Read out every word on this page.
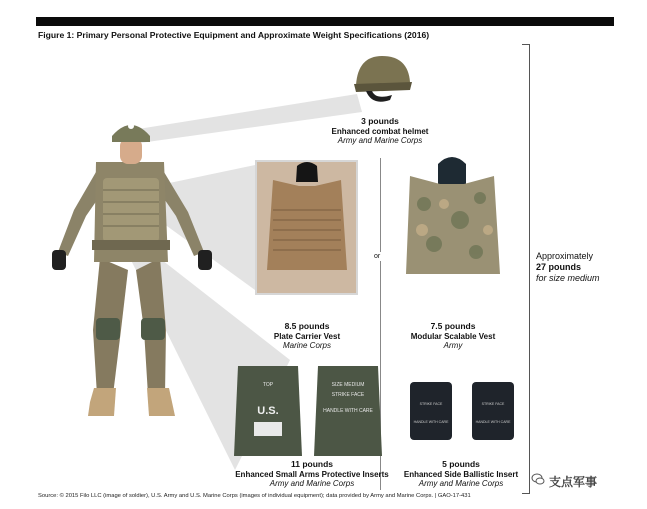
Figure 1: Primary Personal Protective Equipment and Approximate Weight Specifications (2016)
3 pounds
Enhanced combat helmet
Army and Marine Corps
8.5 pounds
Plate Carrier Vest
Marine Corps
or
7.5 pounds
Modular Scalable Vest
Army
TOP
U.S.
SIZE MEDIUM
STRIKE FACE
HANDLE WITH CARE
11 pounds
Enhanced Small Arms Protective Inserts
Army and Marine Corps
STRIKE FACE
HANDLE WITH CARE
STRIKE FACE
HANDLE WITH CARE
5 pounds
Enhanced Side Ballistic Insert
Army and Marine Corps
Approximately
27 pounds
for size medium
Source: © 2015 Filo LLC (image of soldier), U.S. Army and U.S. Marine Corps (images of individual equipment); data provided by Army and Marine Corps. | GAO-17-431
支点军事
